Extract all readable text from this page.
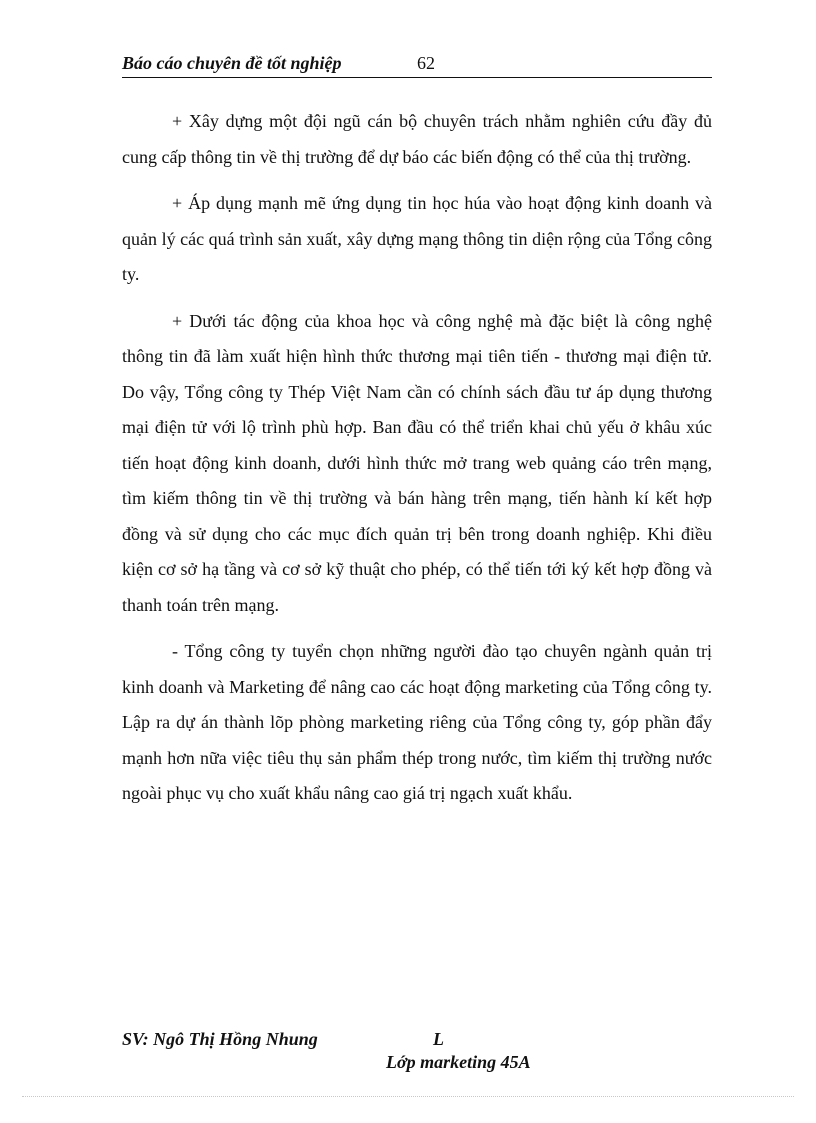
Báo cáo chuyên đề tốt nghiệp	62

+ Xây dựng một đội ngũ cán bộ chuyên trách nhằm nghiên cứu đầy đủ cung cấp thông tin về thị trường để dự báo các biến động có thể của thị trường.

+ Áp dụng mạnh mẽ ứng dụng tin học húa vào hoạt động kinh doanh và quản lý các quá trình sản xuất, xây dựng mạng thông tin diện rộng của Tổng công ty.

+ Dưới tác động của khoa học và công nghệ mà đặc biệt là công nghệ thông tin đã làm xuất hiện hình thức thương mại tiên tiến - thương mại điện tử. Do vậy, Tổng công ty Thép Việt Nam cần có chính sách đầu tư áp dụng thương mại điện tử với lộ trình phù hợp. Ban đầu có thể triển khai chủ yếu ở khâu xúc tiến hoạt động kinh doanh, dưới hình thức mở trang web quảng cáo trên mạng, tìm kiếm thông tin về thị trường và bán hàng trên mạng, tiến hành kí kết hợp đồng và sử dụng cho các mục đích quản trị bên trong doanh nghiệp. Khi điều kiện cơ sở hạ tầng và cơ sở kỹ thuật cho phép, có thể tiến tới ký kết hợp đồng và thanh toán trên mạng.

- Tổng công ty tuyển chọn những người đào tạo chuyên ngành quản trị kinh doanh và Marketing để nâng cao các hoạt động marketing của Tổng công ty. Lập ra dự án thành lõp phòng marketing riêng của Tổng công ty, góp phần đẩy mạnh hơn nữa việc tiêu thụ sản phẩm thép trong nước, tìm kiếm thị trường nước ngoài phục vụ cho xuất khẩu nâng cao giá trị ngạch xuất khẩu.

SV: Ngô Thị Hồng Nhung	L
Lớp marketing 45A
